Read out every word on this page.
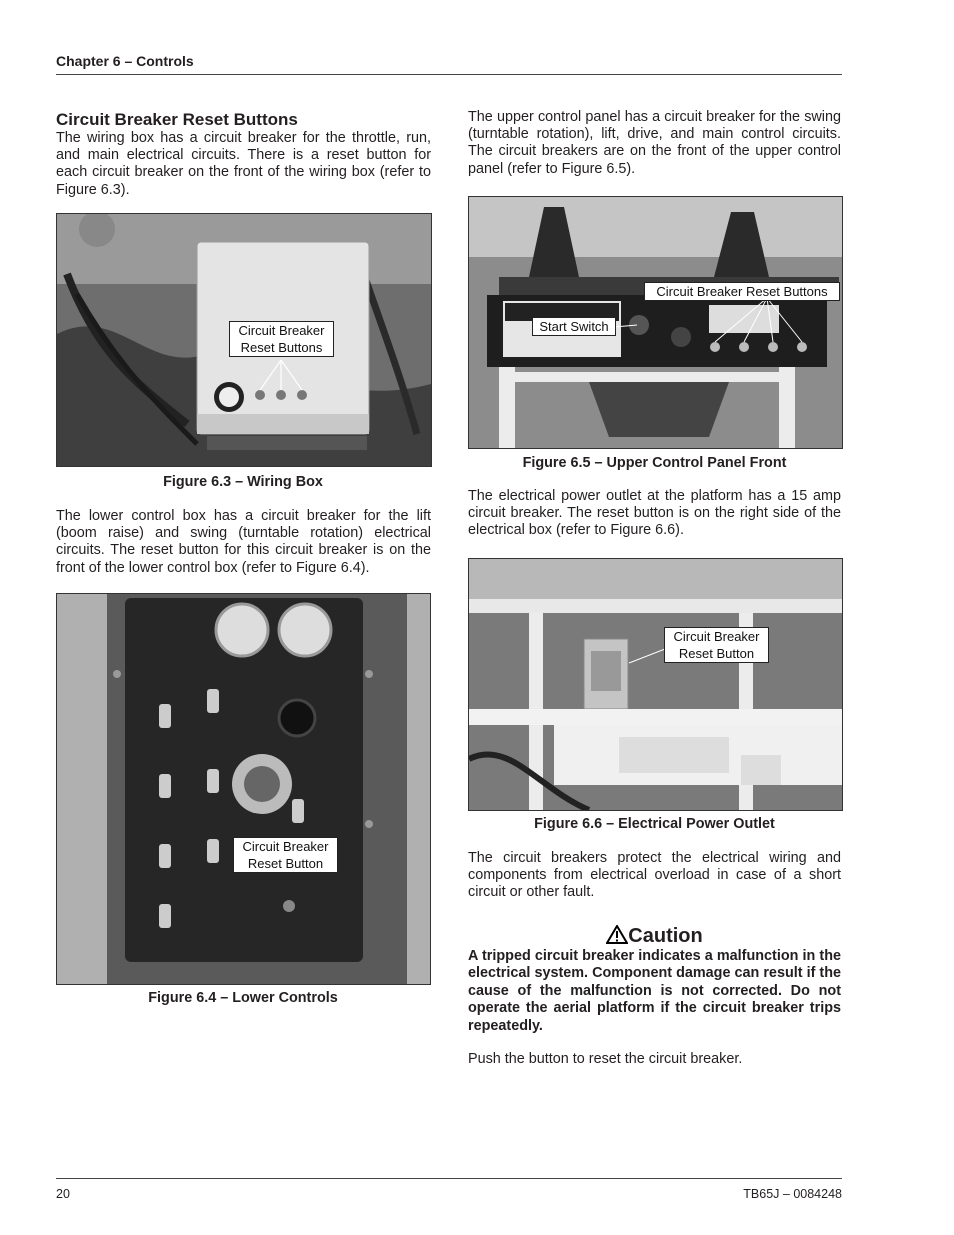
Chapter 6 – Controls
Circuit Breaker Reset Buttons

The wiring box has a circuit breaker for the throttle, run, and main electrical circuits. There is a reset button for each circuit breaker on the front of the wiring box (refer to Figure 6.3).

Circuit Breaker
Reset Buttons
Figure 6.3 – Wiring Box

The lower control box has a circuit breaker for the lift (boom raise) and swing (turntable rotation) electrical circuits. The reset button for this circuit breaker is on the front of the lower control box (refer to Figure 6.4).

Circuit Breaker
Reset Button
Figure 6.4 – Lower Controls

The upper control panel has a circuit breaker for the swing (turntable rotation), lift, drive, and main control circuits. The circuit breakers are on the front of the upper control panel (refer to Figure 6.5).

Circuit Breaker Reset Buttons
Start Switch
Figure 6.5 – Upper Control Panel Front

The electrical power outlet at the platform has a 15 amp circuit breaker. The reset button is on the right side of the electrical box (refer to Figure 6.6).

Circuit Breaker
Reset Button
Figure 6.6 – Electrical Power Outlet

The circuit breakers protect the electrical wiring and components from electrical overload in case of a short circuit or other fault.

Caution

A tripped circuit breaker indicates a malfunction in the electrical system. Component damage can result if the cause of the malfunction is not corrected. Do not operate the aerial platform if the circuit breaker trips repeatedly.

Push the button to reset the circuit breaker.

20	TB65J – 0084248
